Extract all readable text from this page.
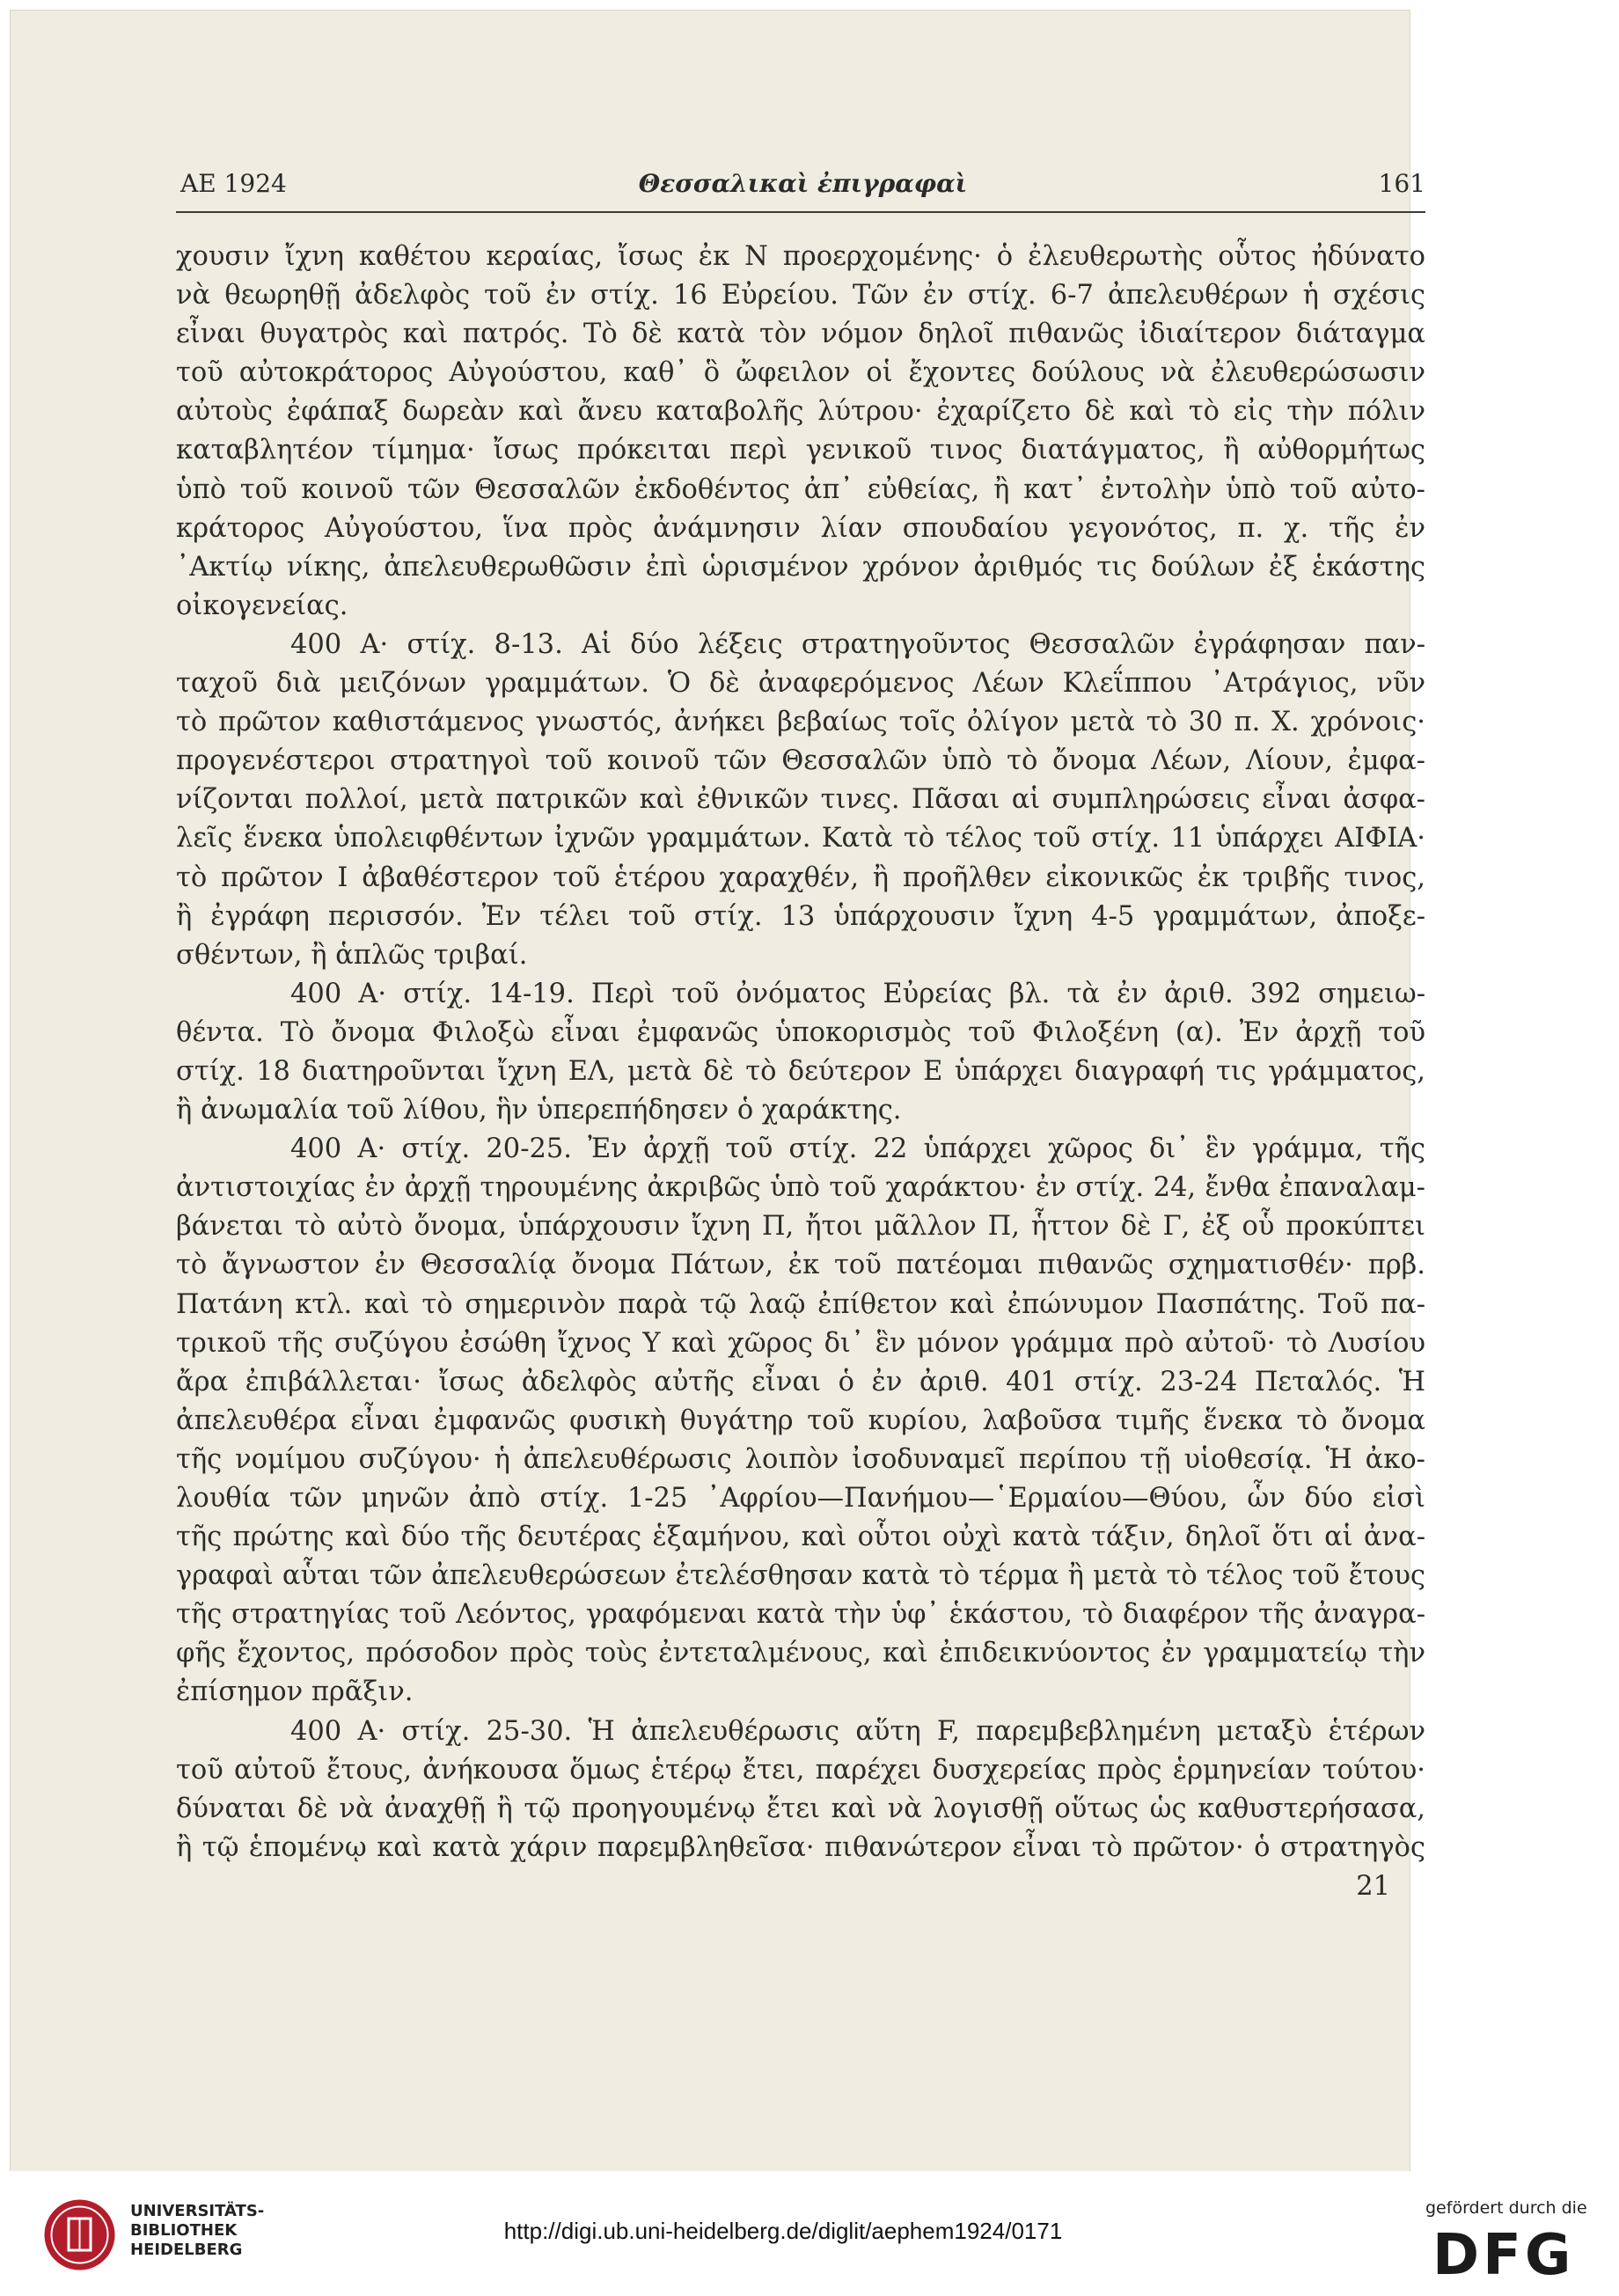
ΑΕ 1924	Θεσσαλικαὶ ἐπιγραφαὶ	161

χουσιν ἴχνη καθέτου κεραίας, ἴσως ἐκ N προερχομένης· ὁ ἐλευθερωτὴς οὗτος ἠδύνατο

νὰ θεωρηθῇ ἀδελφὸς τοῦ ἐν στίχ. 16 Εὐρείου. Τῶν ἐν στίχ. 6-7 ἀπελευθέρων ἡ σχέσις

εἶναι θυγατρὸς καὶ πατρός. Τὸ δὲ κατὰ τὸν νόμον δηλοῖ πιθανῶς ἰδιαίτερον διάταγμα

τοῦ αὐτοκράτορος Αὐγούστου, καθ᾽ ὃ ὤφειλον οἱ ἔχοντες δούλους νὰ ἐλευθερώσωσιν

αὐτοὺς ἐφάπαξ δωρεὰν καὶ ἄνευ καταβολῆς λύτρου· ἐχαρίζετο δὲ καὶ τὸ εἰς τὴν πόλιν

καταβλητέον τίμημα· ἴσως πρόκειται περὶ γενικοῦ τινος διατάγματος, ἢ αὐθορμήτως

ὑπὸ τοῦ κοινοῦ τῶν Θεσσαλῶν ἐκδοθέντος ἀπ᾽ εὐθείας, ἢ κατ᾽ ἐντολὴν ὑπὸ τοῦ αὐτο-

κράτορος Αὐγούστου, ἵνα πρὸς ἀνάμνησιν λίαν σπουδαίου γεγονότος, π. χ. τῆς ἐν

᾽Ακτίῳ νίκης, ἀπελευθερωθῶσιν ἐπὶ ὡρισμένον χρόνον ἀριθμός τις δούλων ἐξ ἑκάστης

οἰκογενείας.

400 Α· στίχ. 8-13. Αἱ δύο λέξεις στρατηγοῦντος Θεσσαλῶν ἐγράφησαν παν-

ταχοῦ διὰ μειζόνων γραμμάτων. Ὁ δὲ ἀναφερόμενος Λέων Κλεΐππου ᾽Ατράγιος, νῦν

τὸ πρῶτον καθιστάμενος γνωστός, ἀνήκει βεβαίως τοῖς ὀλίγον μετὰ τὸ 30 π. Χ. χρόνοις·

προγενέστεροι στρατηγοὶ τοῦ κοινοῦ τῶν Θεσσαλῶν ὑπὸ τὸ ὄνομα Λέων, Λίουν, ἐμφα-

νίζονται πολλοί, μετὰ πατρικῶν καὶ ἐθνικῶν τινες. Πᾶσαι αἱ συμπληρώσεις εἶναι ἀσφα-

λεῖς ἕνεκα ὑπολειφθέντων ἰχνῶν γραμμάτων. Κατὰ τὸ τέλος τοῦ στίχ. 11 ὑπάρχει ΑΙΦΙΑ·

τὸ πρῶτον Ι ἀβαθέστερον τοῦ ἑτέρου χαραχθέν, ἢ προῆλθεν εἰκονικῶς ἐκ τριβῆς τινος,

ἢ ἐγράφη περισσόν. Ἐν τέλει τοῦ στίχ. 13 ὑπάρχουσιν ἴχνη 4-5 γραμμάτων, ἀποξε-

σθέντων, ἢ ἁπλῶς τριβαί.

400 Α· στίχ. 14-19. Περὶ τοῦ ὀνόματος Εὐρείας βλ. τὰ ἐν ἀριθ. 392 σημειω-

θέντα. Τὸ ὄνομα Φιλοξὼ εἶναι ἐμφανῶς ὑποκορισμὸς τοῦ Φιλοξένη (α). Ἐν ἀρχῇ τοῦ

στίχ. 18 διατηροῦνται ἴχνη ΕΛ, μετὰ δὲ τὸ δεύτερον Ε ὑπάρχει διαγραφή τις γράμματος,

ἢ ἀνωμαλία τοῦ λίθου, ἣν ὑπερεπήδησεν ὁ χαράκτης.

400 Α· στίχ. 20-25. Ἐν ἀρχῇ τοῦ στίχ. 22 ὑπάρχει χῶρος δι᾽ ἓν γράμμα, τῆς

ἀντιστοιχίας ἐν ἀρχῇ τηρουμένης ἀκριβῶς ὑπὸ τοῦ χαράκτου· ἐν στίχ. 24, ἔνθα ἐπαναλαμ-

βάνεται τὸ αὐτὸ ὄνομα, ὑπάρχουσιν ἴχνη Π, ἤτοι μᾶλλον Π, ἧττον δὲ Γ, ἐξ οὗ προκύπτει

τὸ ἄγνωστον ἐν Θεσσαλίᾳ ὄνομα Πάτων, ἐκ τοῦ πατέομαι πιθανῶς σχηματισθέν· πρβ.

Πατάνη κτλ. καὶ τὸ σημερινὸν παρὰ τῷ λαῷ ἐπίθετον καὶ ἐπώνυμον Πασπάτης. Τοῦ πα-

τρικοῦ τῆς συζύγου ἐσώθη ἴχνος Υ καὶ χῶρος δι᾽ ἓν μόνον γράμμα πρὸ αὐτοῦ· τὸ Λυσίου

ἄρα ἐπιβάλλεται· ἴσως ἀδελφὸς αὐτῆς εἶναι ὁ ἐν ἀριθ. 401 στίχ. 23-24 Πεταλός. Ἡ

ἀπελευθέρα εἶναι ἐμφανῶς φυσικὴ θυγάτηρ τοῦ κυρίου, λαβοῦσα τιμῆς ἕνεκα τὸ ὄνομα

τῆς νομίμου συζύγου· ἡ ἀπελευθέρωσις λοιπὸν ἰσοδυναμεῖ περίπου τῇ υἱοθεσίᾳ. Ἡ ἀκο-

λουθία τῶν μηνῶν ἀπὸ στίχ. 1-25 ᾽Αφρίου—Πανήμου—῾Ερμαίου—Θύου, ὧν δύο εἰσὶ

τῆς πρώτης καὶ δύο τῆς δευτέρας ἑξαμήνου, καὶ οὗτοι οὐχὶ κατὰ τάξιν, δηλοῖ ὅτι αἱ ἀνα-

γραφαὶ αὗται τῶν ἀπελευθερώσεων ἐτελέσθησαν κατὰ τὸ τέρμα ἢ μετὰ τὸ τέλος τοῦ ἔτους

τῆς στρατηγίας τοῦ Λεόντος, γραφόμεναι κατὰ τὴν ὑφ᾽ ἑκάστου, τὸ διαφέρον τῆς ἀναγρα-

φῆς ἔχοντος, πρόσοδον πρὸς τοὺς ἐντεταλμένους, καὶ ἐπιδεικνύοντος ἐν γραμματείῳ τὴν

ἐπίσημον πρᾶξιν.

400 Α· στίχ. 25-30. Ἡ ἀπελευθέρωσις αὕτη F, παρεμβεβλημένη μεταξὺ ἑτέρων

τοῦ αὐτοῦ ἔτους, ἀνήκουσα ὅμως ἑτέρῳ ἔτει, παρέχει δυσχερείας πρὸς ἑρμηνείαν τούτου·

δύναται δὲ νὰ ἀναχθῇ ἢ τῷ προηγουμένῳ ἔτει καὶ νὰ λογισθῇ οὕτως ὡς καθυστερήσασα,

ἢ τῷ ἑπομένῳ καὶ κατὰ χάριν παρεμβληθεῖσα· πιθανώτερον εἶναι τὸ πρῶτον· ὁ στρατηγὸς

21

UNIVERSITÄTS-
BIBLIOTHEK
HEIDELBERG
http://digi.ub.uni-heidelberg.de/diglit/aephem1924/0171
gefördert durch die
DFG
